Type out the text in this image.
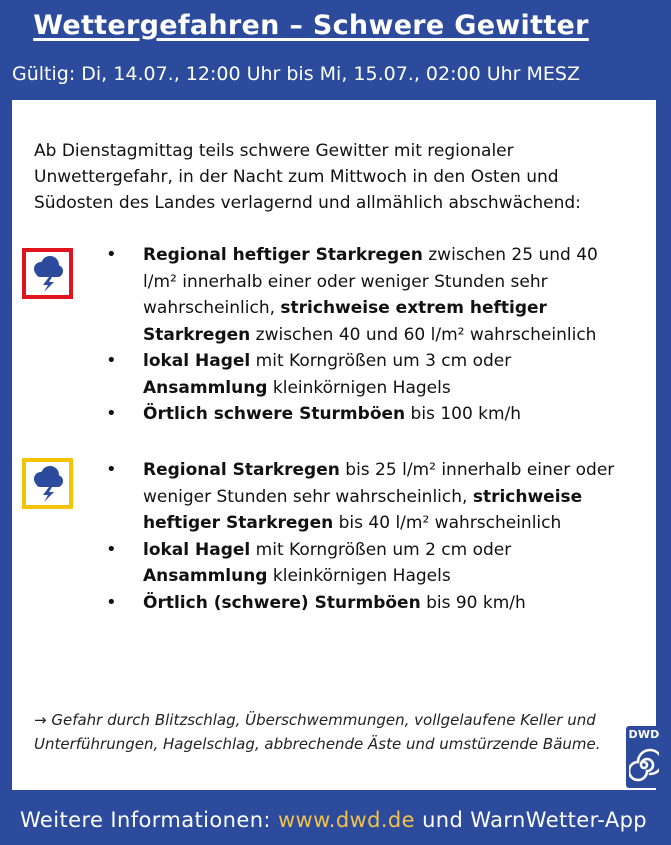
Wettergefahren – Schwere Gewitter
Gültig: Di, 14.07., 12:00 Uhr bis Mi, 15.07., 02:00 Uhr MESZ
Ab Dienstagmittag teils schwere Gewitter mit regionaler Unwettergefahr, in der Nacht zum Mittwoch in den Osten und Südosten des Landes verlagernd und allmählich abschwächend:
• Regional heftiger Starkregen zwischen 25 und 40 l/m² innerhalb einer oder weniger Stunden sehr wahrscheinlich, strichweise extrem heftiger Starkregen zwischen 40 und 60 l/m² wahrscheinlich
• lokal Hagel mit Korngrößen um 3 cm oder Ansammlung kleinkörnigen Hagels
• Örtlich schwere Sturmböen bis 100 km/h
• Regional Starkregen bis 25 l/m² innerhalb einer oder weniger Stunden sehr wahrscheinlich, strichweise heftiger Starkregen bis 40 l/m² wahrscheinlich
• lokal Hagel mit Korngrößen um 2 cm oder Ansammlung kleinkörnigen Hagels
• Örtlich (schwere) Sturmböen bis 90 km/h
→ Gefahr durch Blitzschlag, Überschwemmungen, vollgelaufene Keller und Unterführungen, Hagelschlag, abbrechende Äste und umstürzende Bäume.
DWD
Weitere Informationen: www.dwd.de und WarnWetter-App
